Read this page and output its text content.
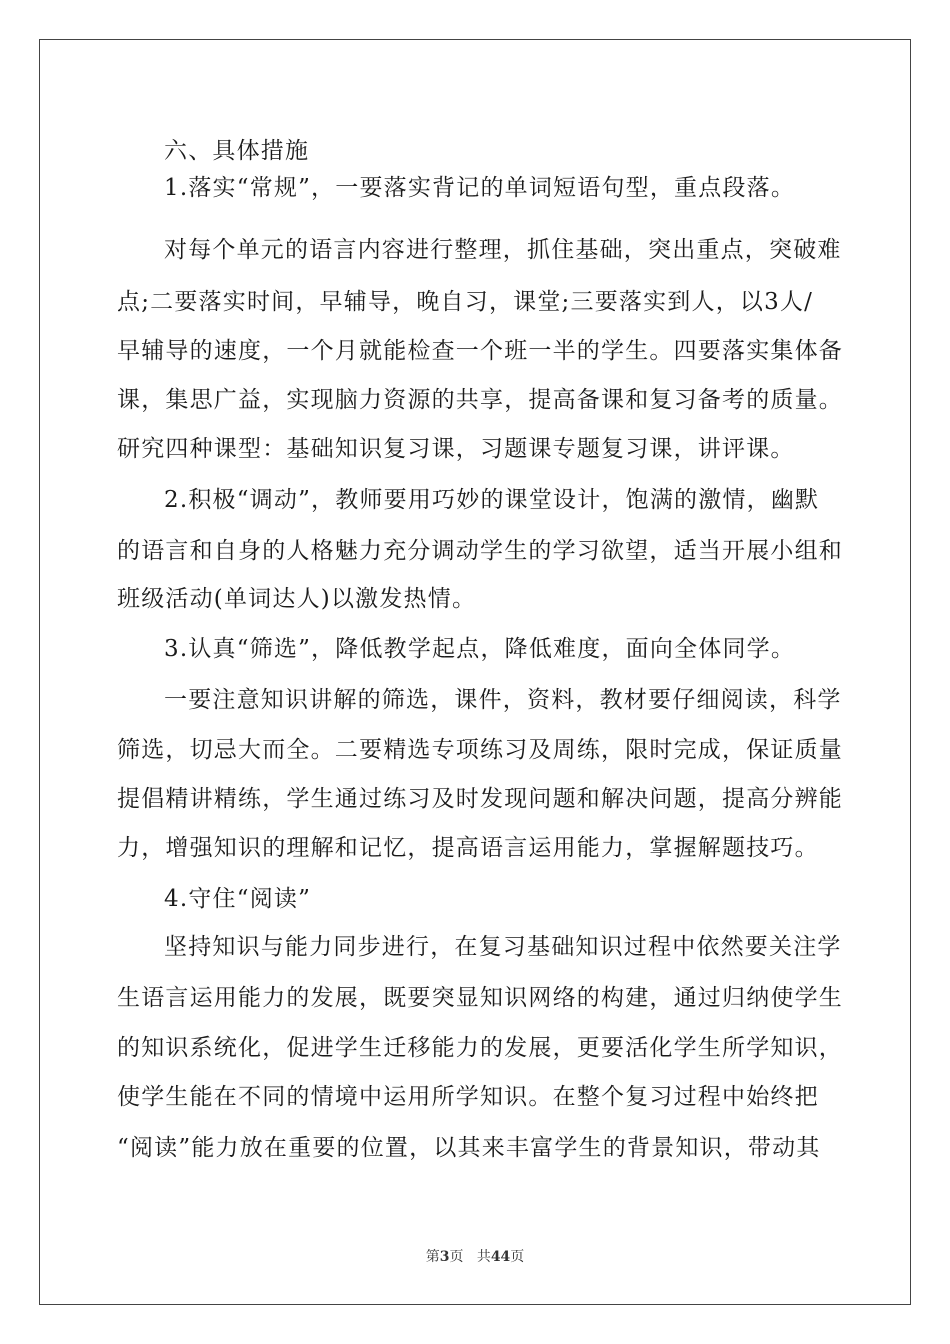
六、具体措施
1.落实“常规”，一要落实背记的单词短语句型，重点段落。
对每个单元的语言内容进行整理，抓住基础，突出重点，突破难
点;二要落实时间，早辅导，晚自习，课堂;三要落实到人，以3人/
早辅导的速度，一个月就能检查一个班一半的学生。四要落实集体备
课，集思广益，实现脑力资源的共享，提高备课和复习备考的质量。
研究四种课型：基础知识复习课，习题课专题复习课，讲评课。
2.积极“调动”，教师要用巧妙的课堂设计，饱满的激情，幽默
的语言和自身的人格魅力充分调动学生的学习欲望，适当开展小组和
班级活动(单词达人)以激发热情。
3.认真“筛选”，降低教学起点，降低难度，面向全体同学。
一要注意知识讲解的筛选，课件，资料，教材要仔细阅读，科学
筛选，切忌大而全。二要精选专项练习及周练，限时完成，保证质量
提倡精讲精练，学生通过练习及时发现问题和解决问题，提高分辨能
力，增强知识的理解和记忆，提高语言运用能力，掌握解题技巧。
4.守住“阅读”
坚持知识与能力同步进行，在复习基础知识过程中依然要关注学
生语言运用能力的发展，既要突显知识网络的构建，通过归纳使学生
的知识系统化，促进学生迁移能力的发展，更要活化学生所学知识，
使学生能在不同的情境中运用所学知识。在整个复习过程中始终把
“阅读”能力放在重要的位置，以其来丰富学生的背景知识，带动其
第3页 共44页
